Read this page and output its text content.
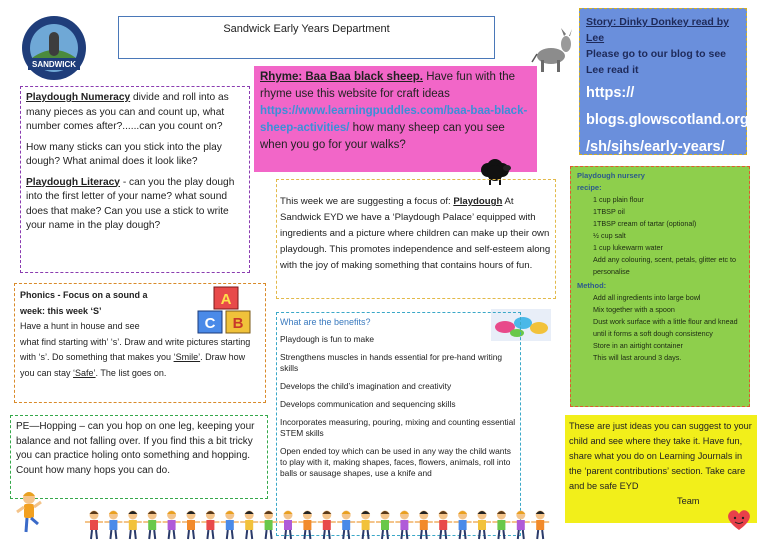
SANDWICK
Sandwick Early Years Department
Story: Dinky Donkey read by Lee
Please go to our blog to see Lee read it
https://
blogs.glowscotland.org.uk
/sh/sjhs/early-years/
Rhyme: Baa Baa black sheep. Have fun with the rhyme use this website for craft ideas https://www.learningpuddles.com/baa-baa-black-sheep-activities/ how many sheep can you see when you go for your walks?

Playdough Numeracy divide and roll into as many pieces as you can and count up, what number comes after?......can you count on?

How many sticks can you stick into the play dough? What animal does it look like?

Playdough Literacy - can you the play dough into the first letter of your name? what sound does that make? Can you use a stick to write your name in the play dough?

This week we are suggesting a focus of: Playdough At Sandwick EYD we have a ‘Playdough Palace’ equipped with ingredients and a picture where children can make up their own playdough. This promotes independence and self-esteem along with the joy of making something that contains hours of fun.
Phonics - Focus on a sound a
week: this week ‘S’
Have a hunt in house and see
what find starting with’ ‘s’. Draw and write pictures starting with ‘s’. Do something that makes you ‘Smile’. Draw how you can stay ‘Safe’. The list goes on.
A
C B	What are the benefits?
Playdough is fun to make
Strengthens muscles in hands essential for pre-hand writing skills
Develops the child’s imagination and creativity
Develops communication and sequencing skills
Incorporates measuring, pouring, mixing and counting essential STEM skills
Open ended toy which can be used in any way the child wants to play with it, making shapes, faces, flowers, animals, roll into balls or sausage shapes, use a knife and
Playdough nursery
recipe:
1 cup plain flour
1TBSP oil
1TBSP cream of tartar (optional)
½ cup salt
1 cup lukewarm water
Add any colouring, scent, petals, glitter etc to personalise
Method:
Add all ingredients into large bowl
Mix together with a spoon
Dust work surface with a little flour and knead until it forms a soft dough consistency
Store in an airtight container
This will last around 3 days.
PE—Hopping – can you hop on one leg, keeping your balance and not falling over. If you find this a bit tricky you can practice holing onto something and hopping. Count how many hops you can do.
These are just ideas you can suggest to your child and see where they take it. Have fun, share what you do on Learning Journals in the ‘parent contributions’ section. Take care and be safe EYD
Team
